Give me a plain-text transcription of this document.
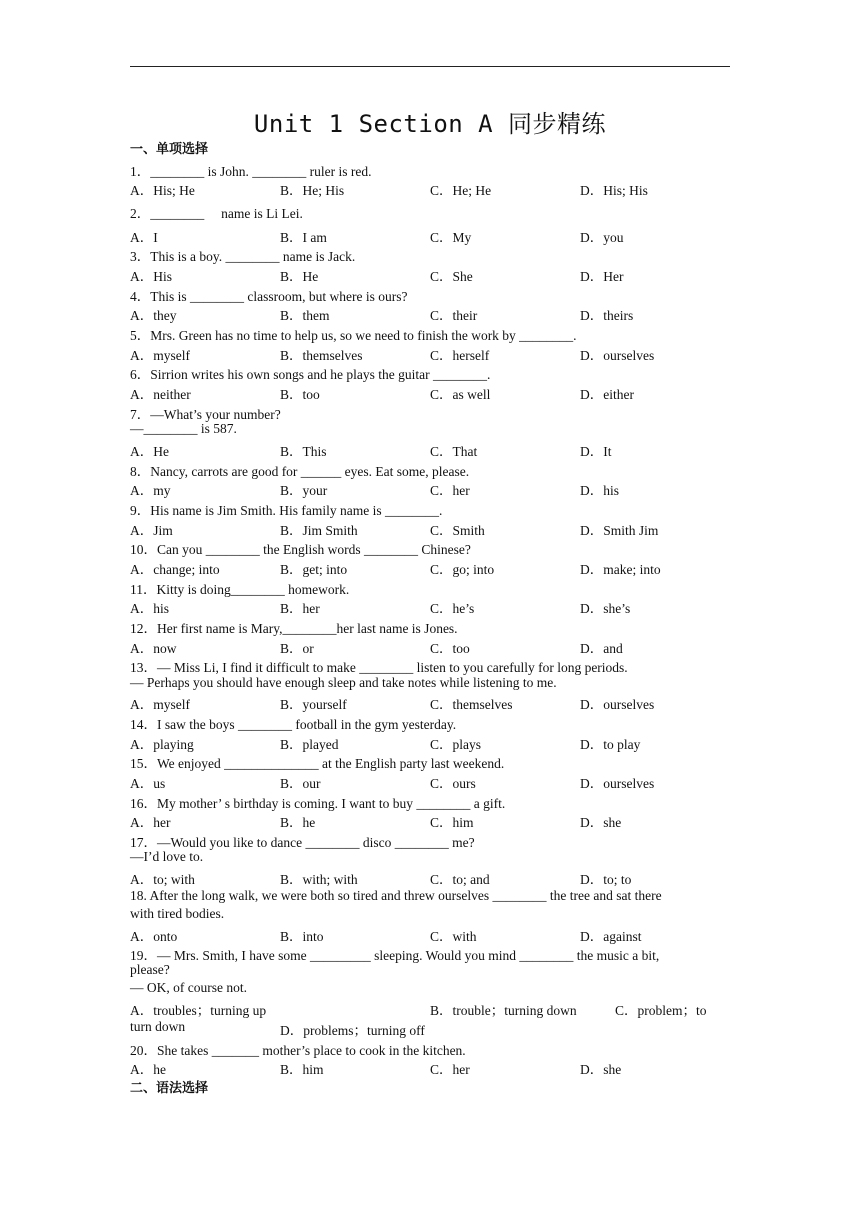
Unit 1 Section A 同步精练
一、单项选择
1．________ is John. ________ ruler is red.
A．His; He	B．He; His	C．He; He	D．His; His
2．________     name is Li Lei.
A．I	B．I am	C．My	D．you
3．This is a boy. ________ name is Jack.
A．His	B．He	C．She	D．Her
4．This is ________ classroom, but where is ours?
A．they	B．them	C．their	D．theirs
5．Mrs. Green has no time to help us, so we need to finish the work by ________.
A．myself	B．themselves	C．herself	D．ourselves
6．Sirrion writes his own songs and he plays the guitar ________.
A．neither	B．too	C．as well	D．either
7．—What’s your number?
—________ is 587.
A．He	B．This	C．That	D．It
8．Nancy, carrots are good for ______ eyes. Eat some, please.
A．my	B．your	C．her	D．his
9．His name is Jim Smith. His family name is ________.
A．Jim	B．Jim Smith	C．Smith	D．Smith Jim
10．Can you ________ the English words ________ Chinese?
A．change; into	B．get; into	C．go; into	D．make; into
11．Kitty is doing________ homework.
A．his	B．her	C．he’s	D．she’s
12．Her first name is Mary,________her last name is Jones.
A．now	B．or	C．too	D．and
13．— Miss Li, I find it difficult to make ________ listen to you carefully for long periods.
— Perhaps you should have enough sleep and take notes while listening to me.
A．myself	B．yourself	C．themselves	D．ourselves
14．I saw the boys ________ football in the gym yesterday.
A．playing	B．played	C．plays	D．to play
15．We enjoyed ______________ at the English party last weekend.
A．us	B．our	C．ours	D．ourselves
16．My mother’ s birthday is coming. I want to buy ________ a gift.
A．her	B．he	C．him	D．she
17．—Would you like to dance ________ disco ________ me?
—I’d love to.
A．to; with	B．with; with	C．to; and	D．to; to
18. After the long walk, we were both so tired and threw ourselves ________ the tree and sat there
with tired bodies.
A．onto	B．into	C．with	D．against
19．— Mrs. Smith, I have some _________ sleeping. Would you mind ________ the music a bit,
please?
— OK, of course not.
A．troubles；turning up	B．trouble；turning down	C．problem；to
turn down	D．problems；turning off
20．She takes _______ mother’s place to cook in the kitchen.
A．he	B．him	C．her	D．she
二、语法选择
